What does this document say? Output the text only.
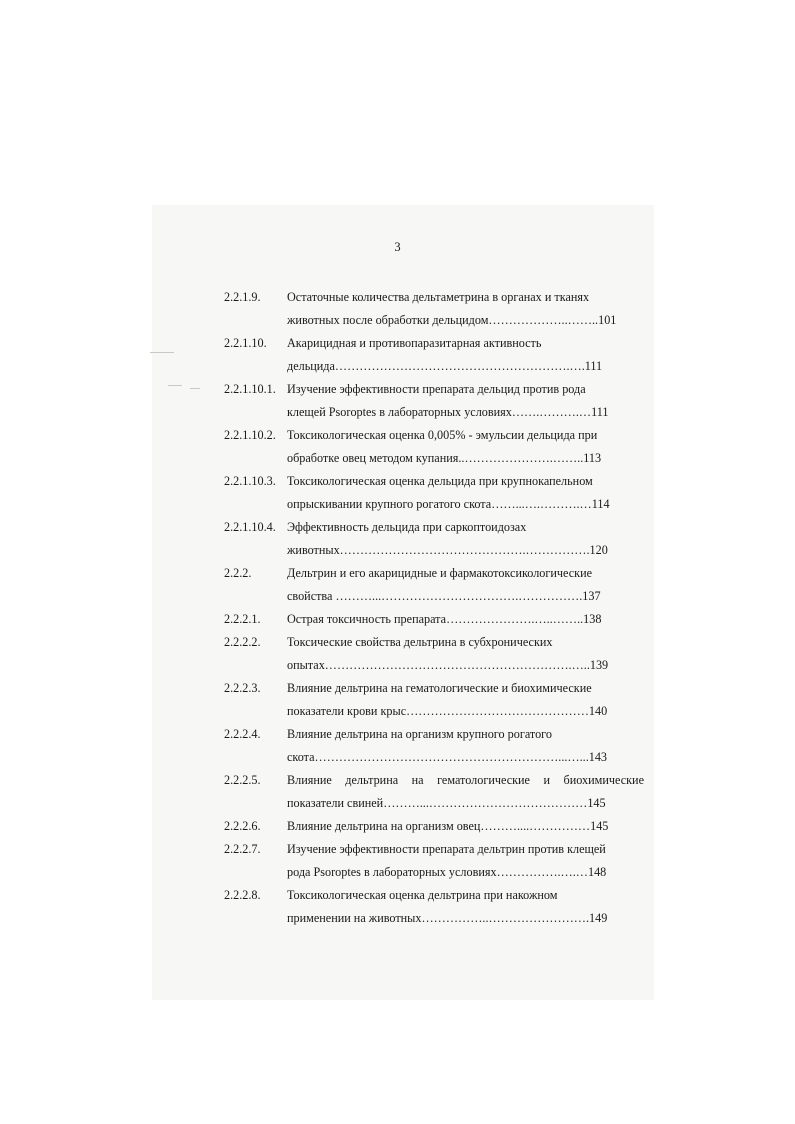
3
2.2.1.9.	Остаточные количества дельтаметрина в органах и тканях
животных после обработки дельцидом………………..……..101
2.2.1.10.	Акарицидная и противопаразитарная активность
дельцида………………………………………………….….111
2.2.1.10.1. Изучение эффективности препарата дельцид против рода
клещей Psoroptes в лабораторных условиях…….……….…111
2.2.1.10.2. Токсикологическая оценка 0,005% - эмульсии дельцида при
обработке овец методом купания..………………….……..113
2.2.1.10.3. Токсикологическая оценка дельцида при крупнокапельном
опрыскивании крупного рогатого скота……...….……….…114
2.2.1.10.4. Эффективность дельцида при саркоптоидозах
животных……………………………………….…………….120
2.2.2.	Дельтрин и его акарицидные и фармакотоксикологические
свойства ………...…………………………….…………….137
2.2.2.1.	Острая токсичность препарата………………….…..……..138
2.2.2.2.	Токсические свойства дельтрина в субхронических
опытах…………………………………………………….…..139
2.2.2.3.	Влияние дельтрина на гематологические и биохимические
показатели крови крыс………………………………………140
2.2.2.4.	Влияние дельтрина на организм крупного рогатого
скота……………………………………………………...…...143
2.2.2.5.	Влияние дельтрина на гематологические и биохимические
показатели свиней………...…………………………………145
2.2.2.6.	Влияние дельтрина на организм овец………....……………145
2.2.2.7.	Изучение эффективности препарата дельтрин против клещей
рода Psoroptes в лабораторных условиях…………….….…148
2.2.2.8.	Токсикологическая оценка дельтрина при накожном
применении на животных……………..…………………….149
